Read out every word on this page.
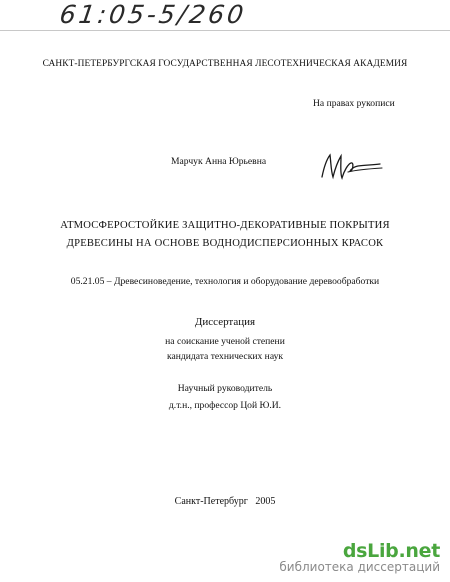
61:05-5/260
САНКТ-ПЕТЕРБУРГСКАЯ ГОСУДАРСТВЕННАЯ ЛЕСОТЕХНИЧЕСКАЯ АКАДЕМИЯ
На правах рукописи
Марчук Анна Юрьевна
АТМОСФЕРОСТОЙКИЕ ЗАЩИТНО-ДЕКОРАТИВНЫЕ ПОКРЫТИЯ
ДРЕВЕСИНЫ НА ОСНОВЕ ВОДНОДИСПЕРСИОННЫХ КРАСОК
05.21.05 – Древесиноведение, технология и оборудование деревообработки
Диссертация
на соискание ученой степени
кандидата технических наук
Научный руководитель
д.т.н., профессор Цой Ю.И.
Санкт-Петербург   2005
dsLib.net
библиотека диссертаций
